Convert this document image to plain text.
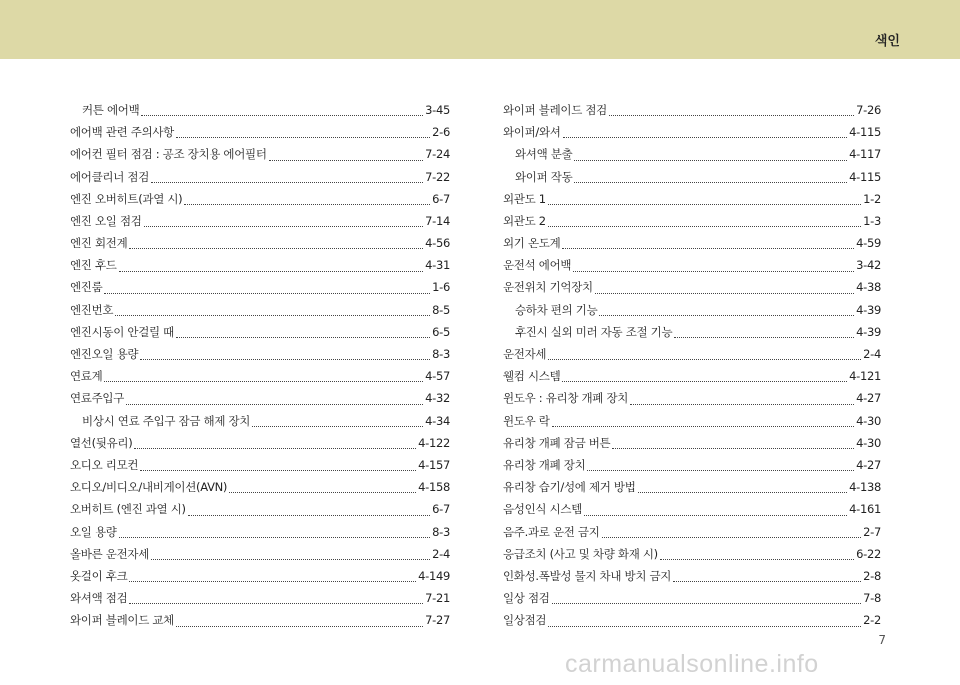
색인
커튼 에어백	3-45
에어백 관련 주의사항	2-6
에어컨 필터 점검 : 공조 장치용 에어필터	7-24
에어클리너 점검	7-22
엔진 오버히트(과열 시)	6-7
엔진 오일 점검	7-14
엔진 회전계	4-56
엔진 후드	4-31
엔진룸	1-6
엔진번호	8-5
엔진시동이 안걸릴 때	6-5
엔진오일 용량	8-3
연료계	4-57
연료주입구	4-32
비상시 연료 주입구 잠금 해제 장치	4-34
열선(뒷유리)	4-122
오디오 리모컨	4-157
오디오/비디오/내비게이션(AVN)	4-158
오버히트 (엔진 과열 시)	6-7
오일 용량	8-3
올바른 운전자세	2-4
옷걸이 후크	4-149
와셔액 점검	7-21
와이퍼 블레이드 교체	7-27
와이퍼 블레이드 점검	7-26
와이퍼/와셔	4-115
와셔액 분출	4-117
와이퍼 작동	4-115
외관도 1	1-2
외관도 2	1-3
외기 온도계	4-59
운전석 에어백	3-42
운전위치 기억장치	4-38
승하차 편의 기능	4-39
후진시 실외 미러 자동 조절 기능	4-39
운전자세	2-4
웰컴 시스템	4-121
윈도우 : 유리창 개폐 장치	4-27
윈도우 락	4-30
유리창 개폐 잠금 버튼	4-30
유리창 개폐 장치	4-27
유리창 습기/성에 제거 방법	4-138
음성인식 시스템	4-161
음주.과로 운전 금지	2-7
응급조치 (사고 및 차량 화재 시)	6-22
인화성.폭발성 물지 차내 방치 금지	2-8
일상 점검	7-8
일상점검	2-2
7
carmanualsonline.info
